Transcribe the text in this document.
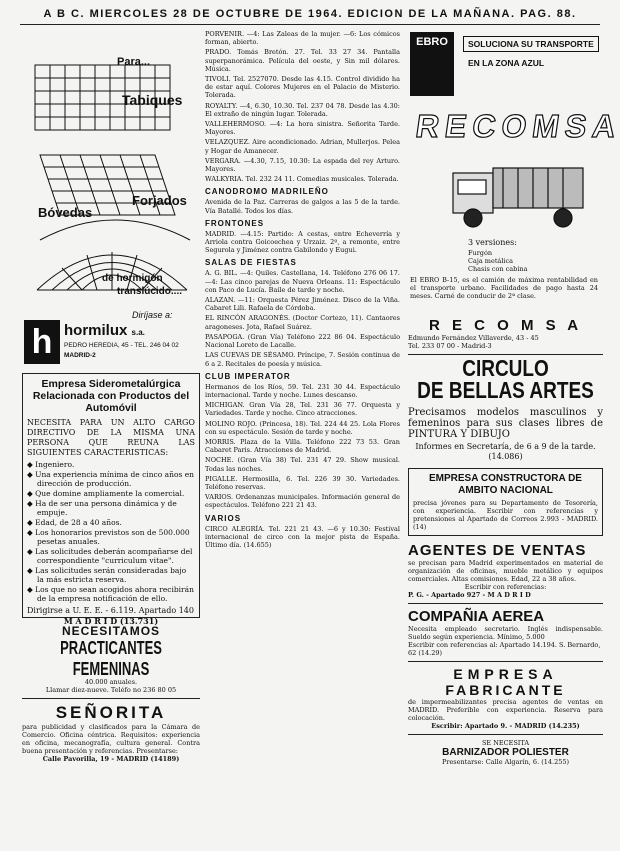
A B C. MIERCOLES 28 DE OCTUBRE DE 1964. EDICION DE LA MAÑANA. PAG. 88.
Para...
Tabiques
Forjados
Bóvedas
de hormigón
translúcido....
Diríjase a:
h hormilux s.a.
PEDRO HEREDIA, 45 - TEL. 246 04 02
MADRID-2
Empresa Siderometalúrgica Relacionada con Productos del Automóvil
NECESITA PARA UN ALTO CARGO DIRECTIVO DE LA MISMA UNA PERSONA QUE REUNA LAS SIGUIENTES CARACTERISTICAS:
◆ Ingeniero.
◆ Una experiencia mínima de cinco años en dirección de producción.
◆ Que domine ampliamente la comercial.
◆ Ha de ser una persona dinámica y de empuje.
◆ Edad, de 28 a 40 años.
◆ Los honorarios previstos son de 500.000 pesetas anuales.
◆ Las solicitudes deberán acompañarse del correspondiente "curriculum vitae".
◆ Las solicitudes serán consideradas bajo la más estricta reserva.
◆ Los que no sean acogidos ahora recibirán de la empresa notificación de ello.
Dirigirse a U. E. E. - 6.119. Apartado 140
M A D R I D (13.731)
NECESITAMOS
PRACTICANTES FEMENINAS
40.000 anuales.
Llamar diez-nueve. Teléfo no 236 80 05
SEÑORITA
para publicidad y clasificados para la Cámara de Comercio. Oficina céntrica. Requisitos: experiencia en oficina, mecanografía, cultura general. Contra buena presentación y referencias. Presentarse:
Calle Pavorilla, 19 - MADRID (14189)

PORVENIR. —4: Las Zaleas de la mujer. —6: Los cómicos forman, abierto.

PRADO. Tomás Bretón. 27. Tel. 33 27 34. Pantalla superpanorámica. Película del oeste, y Sin mil dólares. Música.

TIVOLI. Tel. 2527070. Desde las 4.15. Control dividido ha de estar aquí. Colores Mujeres en el Palacio de Misterio. Tolerada.

ROYALTY. —4, 6.30, 10.30. Tel. 237 04 78. Desde las 4.30: El extraño de ningún lugar. Tolerada.

VALLEHERMOSO. —4: La hora sinistra. Señorita Tarde. Mayores.

VELAZQUEZ. Aire acondicionado. Adrian, Mullerjos. Pelea y Hogar de Amanecer.

VERGARA. —4.30, 7.15, 10.30: La espada del rey Arturo. Mayores.

WALKYRIA. Tel. 232 24 11. Comedias musicales. Tolerada.

CANODROMO MADRILEÑO

Avenida de la Paz. Carreras de galgos a las 5 de la tarde. Vía Batallé. Todos los días.

FRONTONES

MADRID. —4.15: Partido: A cestas, entre Echeverría y Arriola contra Goicoechea y Urzaiz. 2º, a remonte, entre Segurola y Jiménez contra Gabilondo y Eugui.

SALAS DE FIESTAS

A. G. BIL. —4: Quiles. Castellana, 14. Teléfono 276 06 17. —4: Las cinco parejas de Nueva Orleans. 11: Espectáculo con Paco de Lucía. Baile de tarde y noche.

ALAZAN. —11: Orquesta Pérez Jiménez. Disco de la Viña. Cabaret Lili. Rafaela de Córdoba.

EL RINCÓN ARAGONÉS. (Doctor Cortezo, 11). Cantaores aragoneses. Jota, Rafael Suárez.

PASAPOGA. (Gran Vía) Teléfono 222 86 04. Espectáculo Nacional Loreto de Lacalle.

LAS CUEVAS DE SÉSAMO. Príncipe, 7. Sesión continua de 6 a 2. Recitales de poesía y música.

CLUB IMPERATOR

Hermanos de los Ríos, 59. Tel. 231 30 44. Espectáculo internacional. Tarde y noche. Lunes descanso.

MICHIGAN. Gran Vía 28, Tel. 231 36 77. Orquesta y Variedades. Tarde y noche. Cinco atracciones.

MOLINO ROJO. (Princesa, 18). Tel. 224 44 25. Lola Flores con su espectáculo. Sesión de tarde y noche.

MORRIS. Plaza de la Villa. Teléfono 222 73 53. Gran Cabaret Paris. Atracciones de Madrid.

NOCHE. (Gran Vía 38) Tel. 231 47 29. Show musical. Todas las noches.

PIGALLE. Hermosilla, 6. Tel. 226 39 30. Variedades. Teléfono reservas.

VARIOS. Ordenanzas municipales. Información general de espectáculos. Teléfono 221 21 43.

VARIOS

CIRCO ALEGRÍA. Tel. 221 21 43. —6 y 10.30: Festival internacional de circo con la mejor pista de España. Último día. (14.655)

EBRO	SOLUCIONA SU TRANSPORTE
EN LA ZONA AZUL
RECOMSA
3 versiones:
Furgón
Caja metálica
Chasis con cabina
El EBRO B-15, es el camión de máxima rentabilidad en el transporte urbano. Facilidades de pago hasta 24 meses. Carné de conducir de 2ª clase.
R E C O M S A
Edmundo Fernández Villaverde, 43 - 45
Tel. 233 07 00 - Madrid-3
CIRCULO
DE BELLAS ARTES
Precisamos modelos masculinos y femeninos para sus clases libres de PINTURA Y DIBUJO
Informes en Secretaría, de 6 a 9 de la tarde. (14.086)
EMPRESA CONSTRUCTORA DE AMBITO NACIONAL
precisa jóvenes para su Departamento de Tesorería, con experiencia. Escribir con referencias y pretensiones al Apartado de Correos 2.993 - MADRID. (14)
AGENTES DE VENTAS
se precisan para Madrid experimentados en material de organización de oficinas, mueble metálico y equipos comerciales. Altas comisiones. Edad, 22 a 38 años.
Escribir con referencias:
P. G. - Apartado 927 - M A D R I D
COMPAÑIA AEREA
Necesita empleado secretario. Inglés indispensable. Sueldo según experiencia. Mínimo, 5.000
Escribir con referencias al: Apartado 14.194. S. Bernardo, 62 (14.29)
EMPRESA
FABRICANTE
de impermeabilizantes precisa agentes de ventas en MADRID. Preferible con experiencia. Reserva para colocación.
Escribir: Apartado 9. - MADRID (14.235)
SE NECESITA
BARNIZADOR POLIESTER
Presentarse: Calle Algarín, 6. (14.255)
